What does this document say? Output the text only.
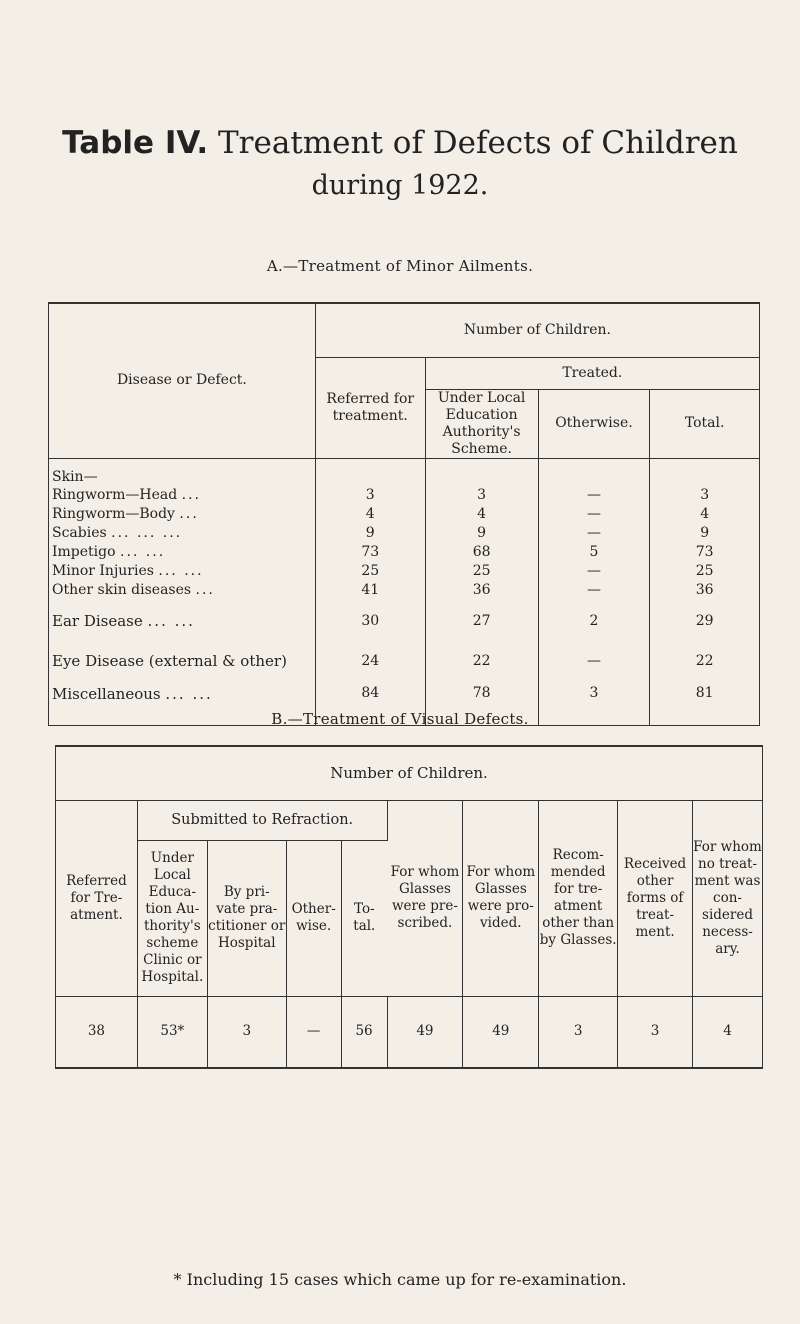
Table IV. Treatment of Defects of Children
during 1922.
A.—Treatment of Minor Ailments.
Disease or Defect.	Number of Children.			
	Referred for treatment.	Treated.		
		Under Local Education Authority's Scheme.	Otherwise.	Total.
Skin—				
Ringworm—Head ...	3	3	—	3
Ringworm—Body ...	4	4	—	4
Scabies ... ... ...	9	9	—	9
Impetigo ... ...	73	68	5	73
Minor Injuries ... ...	25	25	—	25
Other skin diseases ...	41	36	—	36
Ear Disease ... ...	30	27	2	29
Eye Disease (external & other)	24	22	—	22
Miscellaneous ... ...	84	78	3	81
B.—Treatment of Visual Defects.
Number of Children.									
Referred for Tre- atment.	Submitted to Refraction.				For whom Glasses were pre- scribed.	For whom Glasses were pro- vided.	Recom- mended for tre- atment other than by Glasses.	Received other forms of treat- ment.	For whom no treat- ment was con- sidered necess- ary.
	Under Local Educa- tion Au- thority's scheme Clinic or Hospital.	By pri- vate pra- ctitioner or Hospital	Other- wise.	To- tal.					
38	53*	3	—	56	49	49	3	3	4
* Including 15 cases which came up for re-examination.
